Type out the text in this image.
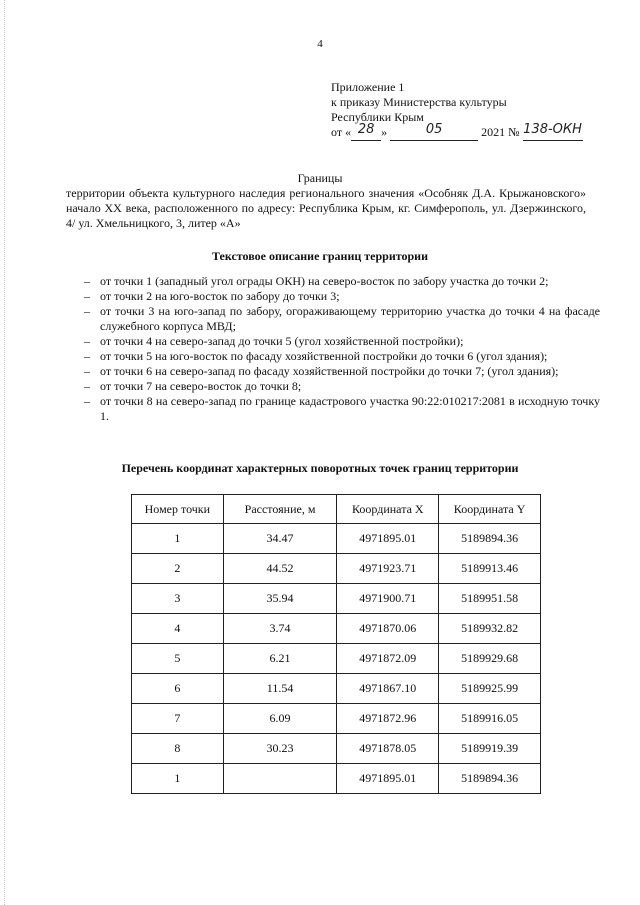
4
Приложение 1
к приказу Министерства культуры
Республики Крым
от « 28 »	05	2021 № 138-ОКН
Границы
территории объекта культурного наследия регионального значения «Особняк Д.А. Крыжановского» начало ХХ века, расположенного по адресу: Республика Крым, кг. Симферополь, ул. Дзержинского, 4/ ул. Хмельницкого, 3, литер «А»
Текстовое описание границ территории
– от точки 1 (западный угол ограды ОКН) на северо-восток по забору участка до точки 2;
– от точки 2 на юго-восток по забору до точки 3;
– от точки 3 на юго-запад по забору, огораживающему территорию участка до точки 4 на фасаде служебного корпуса МВД;
– от точки 4 на северо-запад до точки 5 (угол хозяйственной постройки);
– от точки 5 на юго-восток по фасаду хозяйственной постройки до точки 6 (угол здания);
– от точки 6 на северо-запад по фасаду хозяйственной постройки до точки 7; (угол здания);
– от точки 7 на северо-восток до точки 8;
– от точки 8 на северо-запад по границе кадастрового участка 90:22:010217:2081 в исходную точку 1.
Перечень координат характерных поворотных точек границ территории
Номер точки	Расстояние, м	Координата X	Координата Y
1	34.47	4971895.01	5189894.36
2	44.52	4971923.71	5189913.46
3	35.94	4971900.71	5189951.58
4	3.74	4971870.06	5189932.82
5	6.21	4971872.09	5189929.68
6	11.54	4971867.10	5189925.99
7	6.09	4971872.96	5189916.05
8	30.23	4971878.05	5189919.39
1		4971895.01	5189894.36
